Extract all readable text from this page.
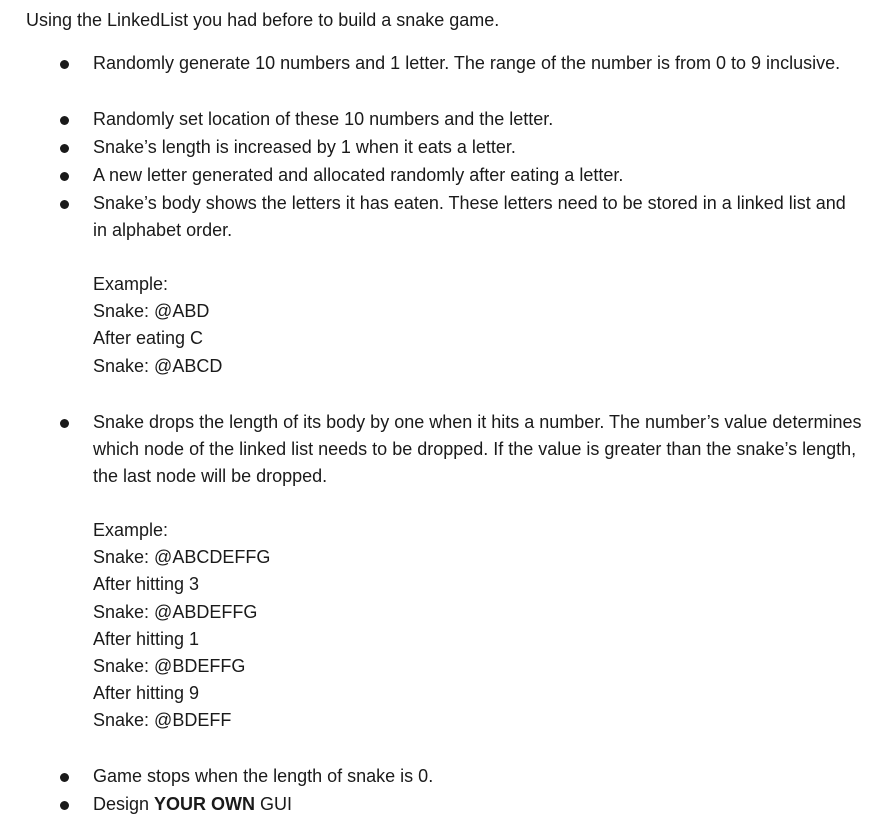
Using the LinkedList you had before to build a snake game.
Randomly generate 10 numbers and 1 letter. The range of the number is from 0 to 9 inclusive.
Randomly set location of these 10 numbers and the letter.
Snake’s length is increased by 1 when it eats a letter.
A new letter generated and allocated randomly after eating a letter.
Snake’s body shows the letters it has eaten. These letters need to be stored in a linked list and in alphabet order.
Example:
Snake: @ABD
After eating C
Snake: @ABCD
Snake drops the length of its body by one when it hits a number. The number’s value determines which node of the linked list needs to be dropped. If the value is greater than the snake’s length, the last node will be dropped.
Example:
Snake: @ABCDEFFG
After hitting 3
Snake: @ABDEFFG
After hitting 1
Snake: @BDEFFG
After hitting 9
Snake: @BDEFF
Game stops when the length of snake is 0.
Design YOUR OWN GUI
